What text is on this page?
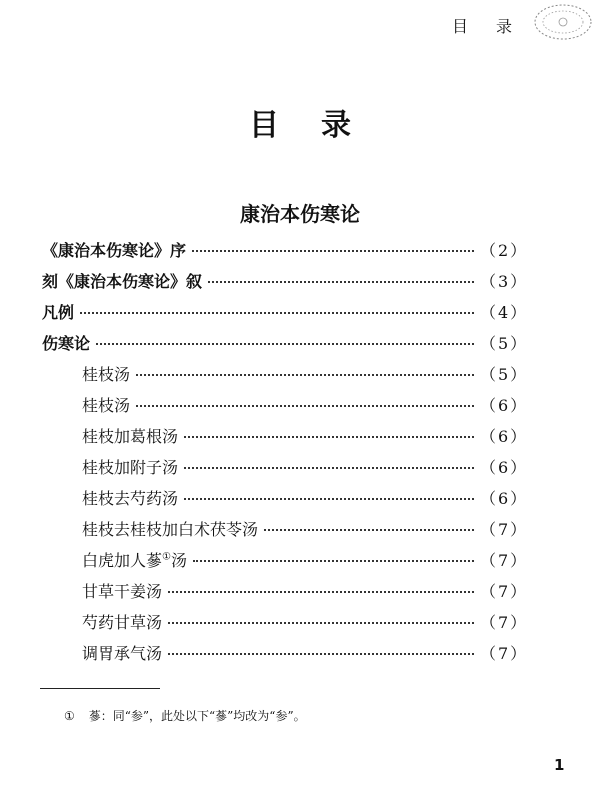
目 录
目 录
康治本伤寒论
《康治本伤寒论》序	（2）
刻《康治本伤寒论》叙	（3）
凡例	（4）
伤寒论	（5）
桂枝汤	（5）
桂枝汤	（6）
桂枝加葛根汤	（6）
桂枝加附子汤	（6）
桂枝去芍药汤	（6）
桂枝去桂枝加白术茯苓汤	（7）
白虎加人蔘①汤	（7）
甘草干姜汤	（7）
芍药甘草汤	（7）
调胃承气汤	（7）
① 蔘：同“参”，此处以下“蔘”均改为“参”。
1
